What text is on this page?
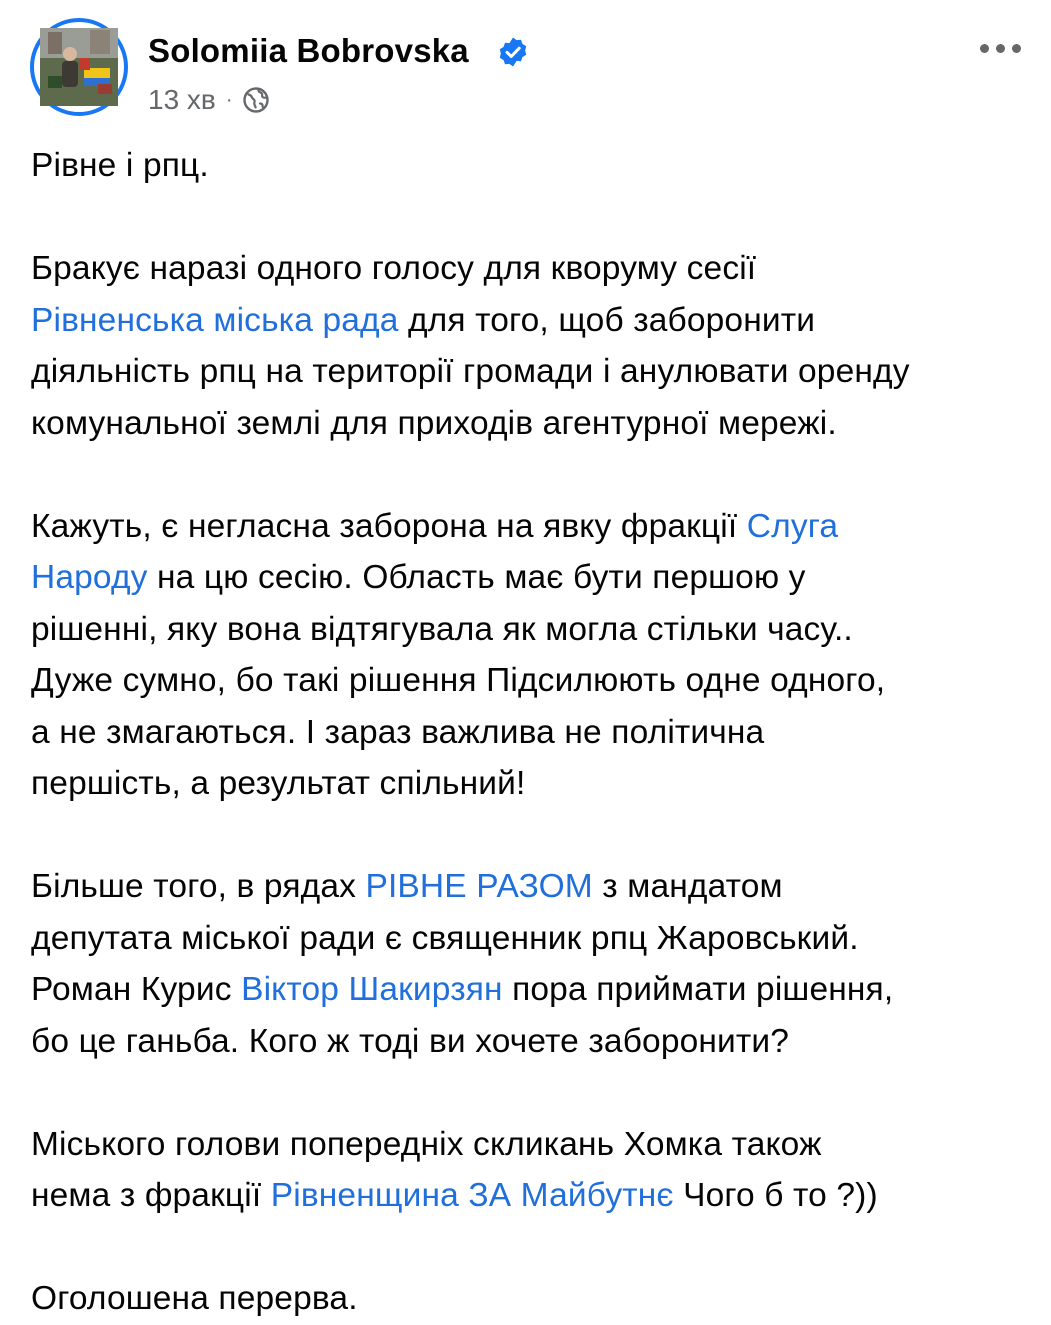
Solomiia Bobrovska
13 хв ·
Рівне і рпц.
Бракує наразі одного голосу для кворуму сесії
Рівненська міська рада для того, щоб заборонити
діяльність рпц на території громади і анулювати оренду
комунальної землі для приходів агентурної мережі.
Кажуть, є негласна заборона на явку фракції Слуга
Народу на цю сесію. Область має бути першою у
рішенні, яку вона відтягувала як могла стільки часу..
Дуже сумно, бо такі рішення Підсилюють одне одного,
а не змагаються. І зараз важлива не політична
першість, а результат спільний!
Більше того, в рядах РІВНЕ РАЗОМ з мандатом
депутата міської ради є священник рпц Жаровський.
Роман Курис Віктор Шакирзян пора приймати рішення,
бо це ганьба. Кого ж тоді ви хочете заборонити?
Міського голови попередніх скликань Хомка також
нема з фракції Рівненщина ЗА Майбутнє Чого б то ?))
Оголошена перерва.
